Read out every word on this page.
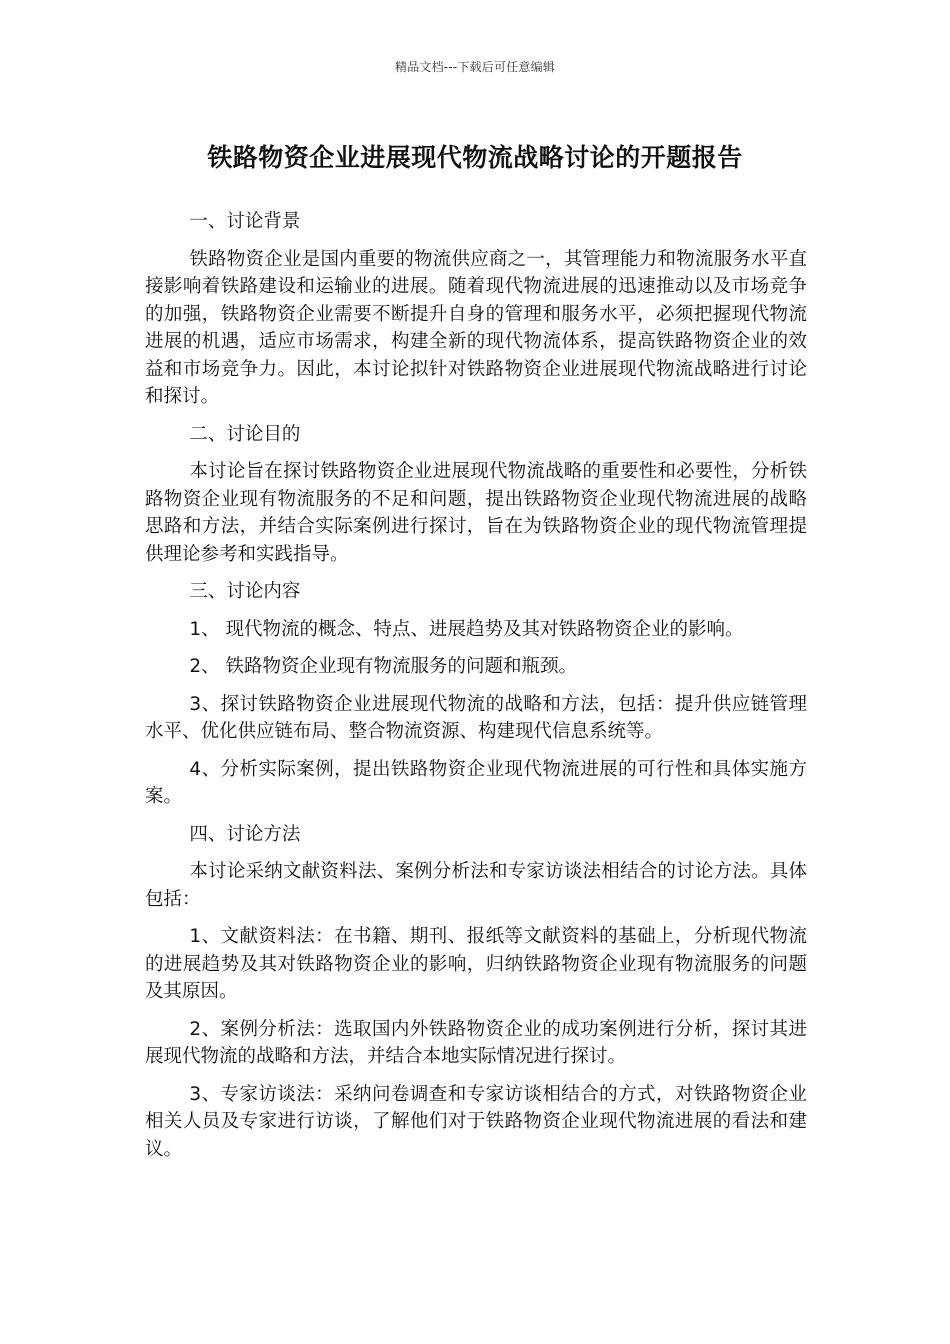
精品文档---下载后可任意编辑
铁路物资企业进展现代物流战略讨论的开题报告

一、讨论背景

铁路物资企业是国内重要的物流供应商之一，其管理能力和物流服务水平直接影响着铁路建设和运输业的进展。随着现代物流进展的迅速推动以及市场竞争的加强，铁路物资企业需要不断提升自身的管理和服务水平，必须把握现代物流进展的机遇，适应市场需求，构建全新的现代物流体系，提高铁路物资企业的效益和市场竞争力。因此，本讨论拟针对铁路物资企业进展现代物流战略进行讨论和探讨。

二、讨论目的

本讨论旨在探讨铁路物资企业进展现代物流战略的重要性和必要性，分析铁路物资企业现有物流服务的不足和问题，提出铁路物资企业现代物流进展的战略思路和方法，并结合实际案例进行探讨，旨在为铁路物资企业的现代物流管理提供理论参考和实践指导。

三、讨论内容

1、 现代物流的概念、特点、进展趋势及其对铁路物资企业的影响。

2、 铁路物资企业现有物流服务的问题和瓶颈。

3、探讨铁路物资企业进展现代物流的战略和方法，包括：提升供应链管理水平、优化供应链布局、整合物流资源、构建现代信息系统等。

4、分析实际案例，提出铁路物资企业现代物流进展的可行性和具体实施方案。

四、讨论方法

本讨论采纳文献资料法、案例分析法和专家访谈法相结合的讨论方法。具体包括：

1、文献资料法：在书籍、期刊、报纸等文献资料的基础上，分析现代物流的进展趋势及其对铁路物资企业的影响，归纳铁路物资企业现有物流服务的问题及其原因。

2、案例分析法：选取国内外铁路物资企业的成功案例进行分析，探讨其进展现代物流的战略和方法，并结合本地实际情况进行探讨。

3、专家访谈法：采纳问卷调查和专家访谈相结合的方式，对铁路物资企业相关人员及专家进行访谈，了解他们对于铁路物资企业现代物流进展的看法和建议。
